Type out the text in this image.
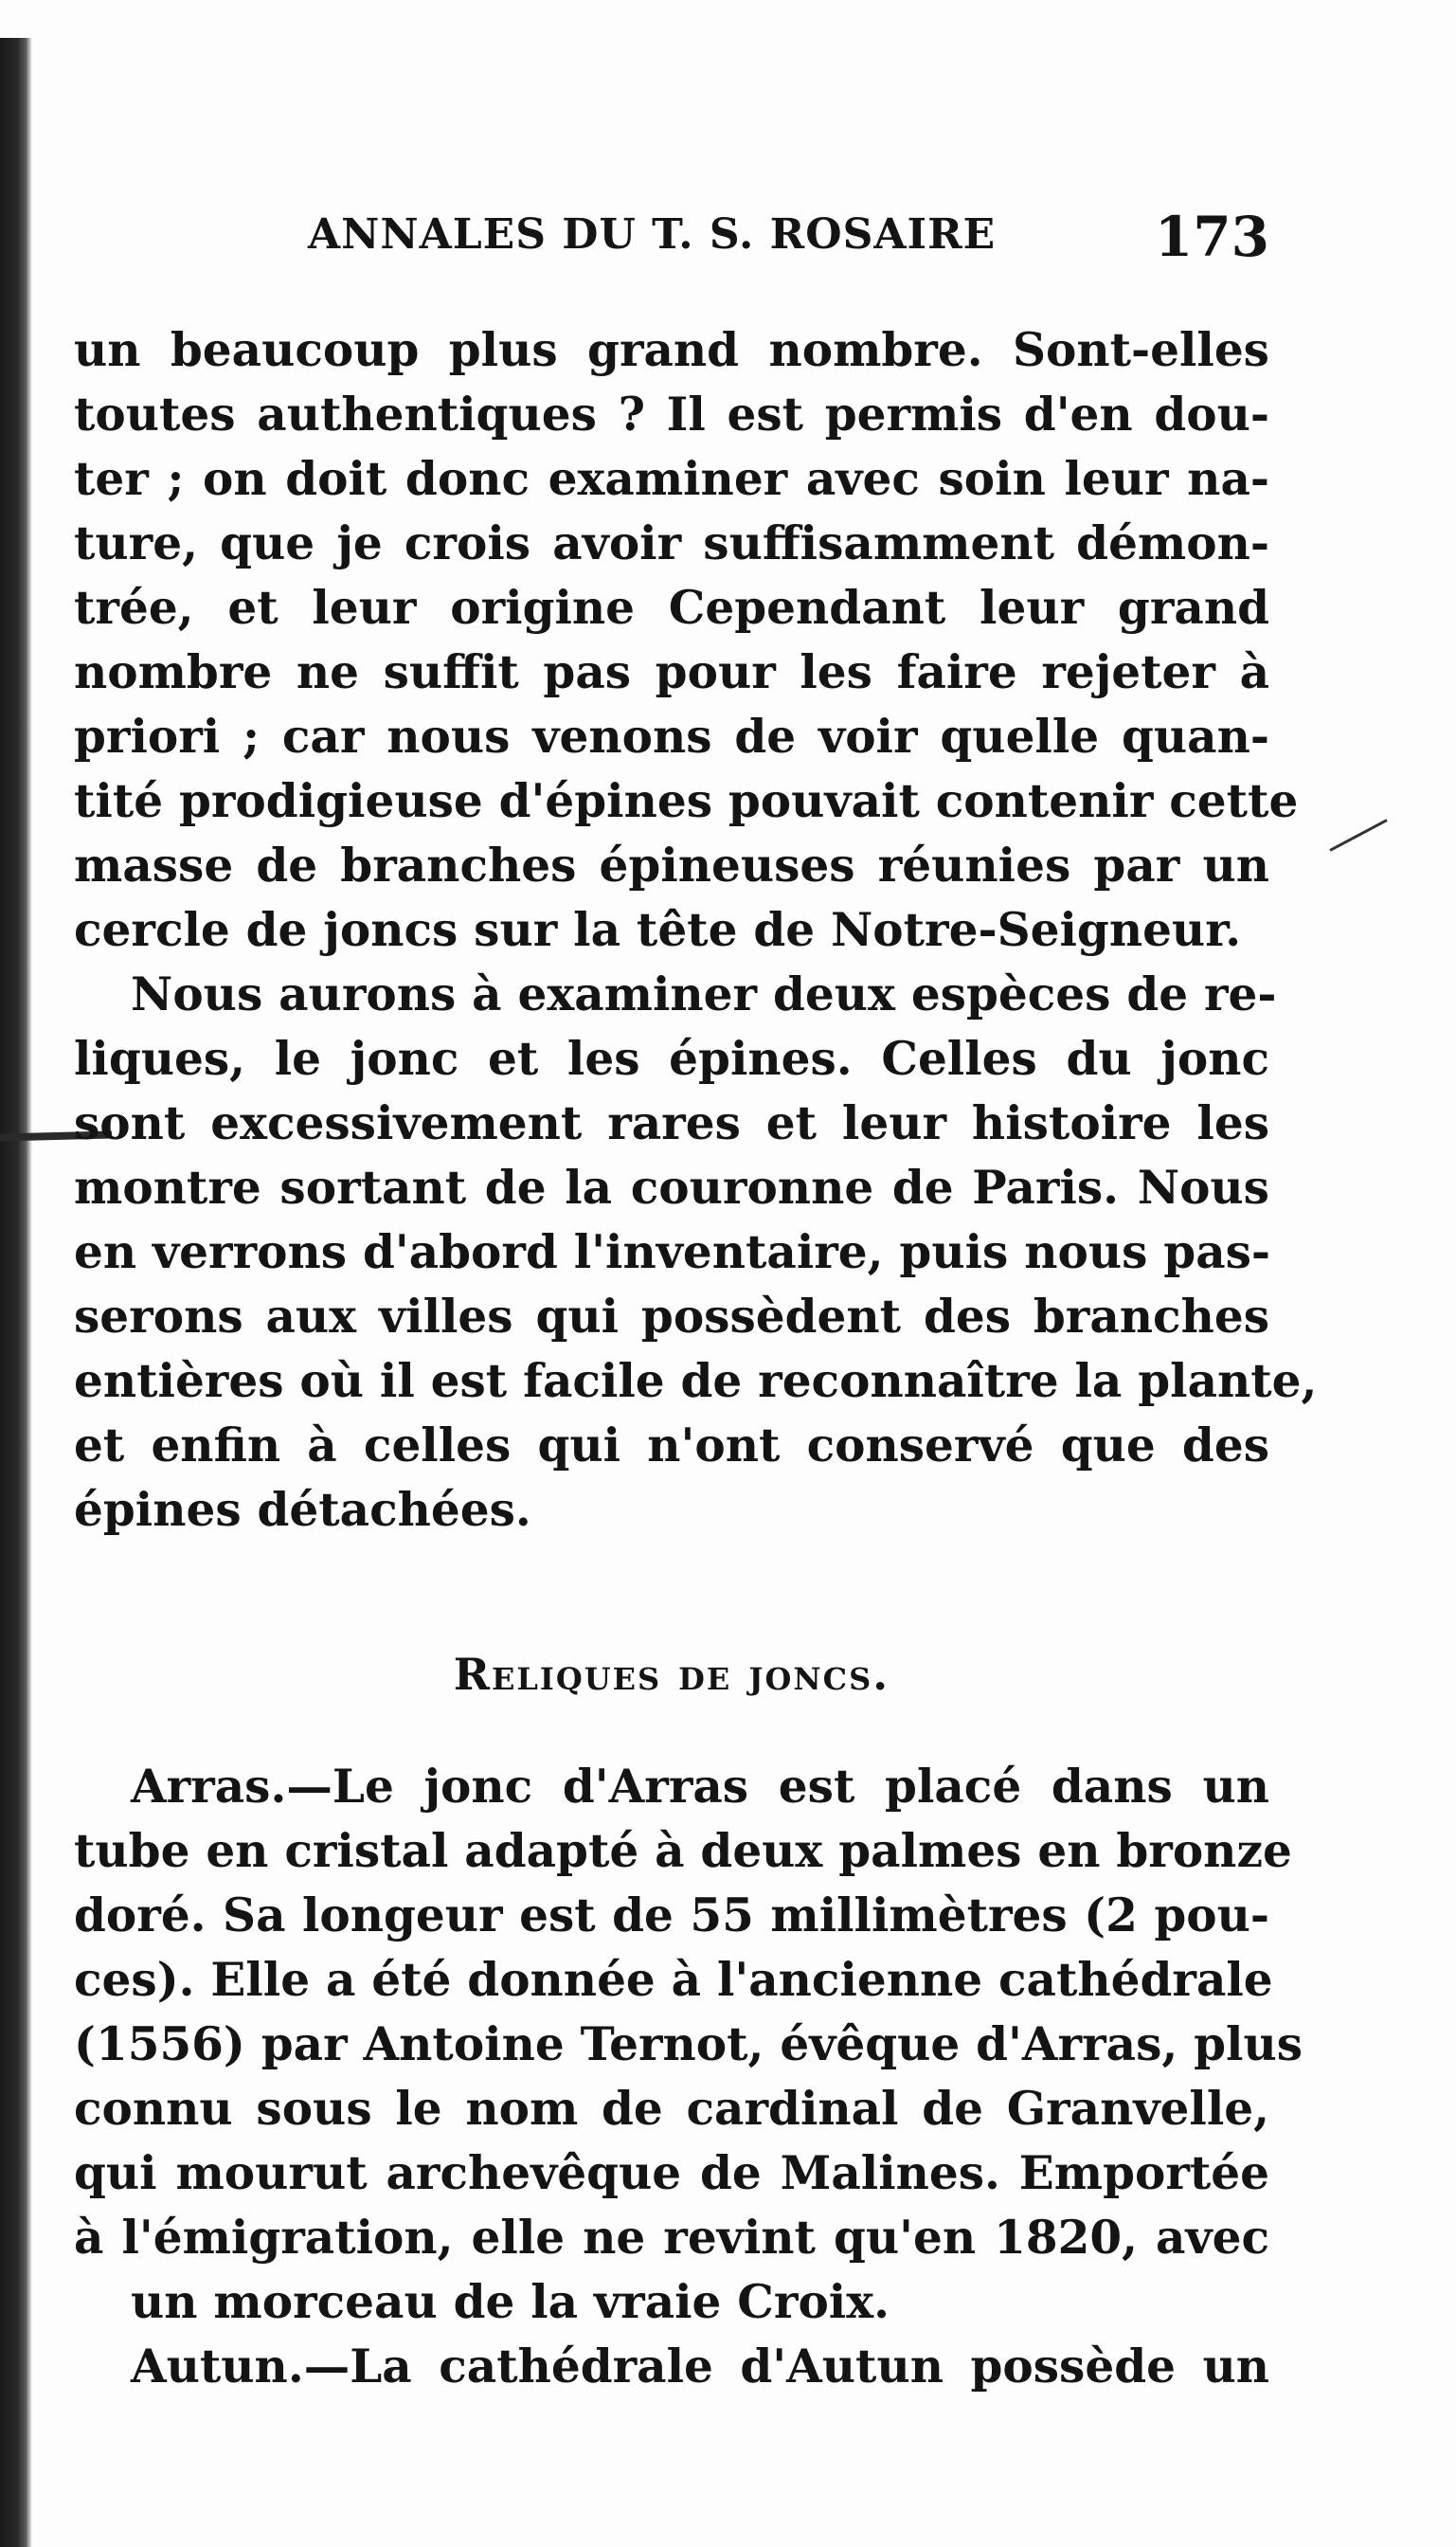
ANNALES DU T. S. ROSAIRE	173
un beaucoup plus grand nombre. Sont-elles
toutes authentiques ? Il est permis d'en dou-
ter ; on doit donc examiner avec soin leur na-
ture, que je crois avoir suffisamment démon-
trée, et leur origine Cependant leur grand
nombre ne suffit pas pour les faire rejeter à
priori ; car nous venons de voir quelle quan-
tité prodigieuse d'épines pouvait contenir cette
masse de branches épineuses réunies par un
cercle de joncs sur la tête de Notre-Seigneur.
Nous aurons à examiner deux espèces de re-
liques, le jonc et les épines. Celles du jonc
sont excessivement rares et leur histoire les
montre sortant de la couronne de Paris. Nous
en verrons d'abord l'inventaire, puis nous pas-
serons aux villes qui possèdent des branches
entières où il est facile de reconnaître la plante,
et enfin à celles qui n'ont conservé que des
épines détachées.
Reliques de joncs.
Arras.—Le jonc d'Arras est placé dans un
tube en cristal adapté à deux palmes en bronze
doré. Sa longeur est de 55 millimètres (2 pou-
ces). Elle a été donnée à l'ancienne cathédrale
(1556) par Antoine Ternot, évêque d'Arras, plus
connu sous le nom de cardinal de Granvelle,
qui mourut archevêque de Malines. Emportée
à l'émigration, elle ne revint qu'en 1820, avec
un morceau de la vraie Croix.
Autun.—La cathédrale d'Autun possède un
